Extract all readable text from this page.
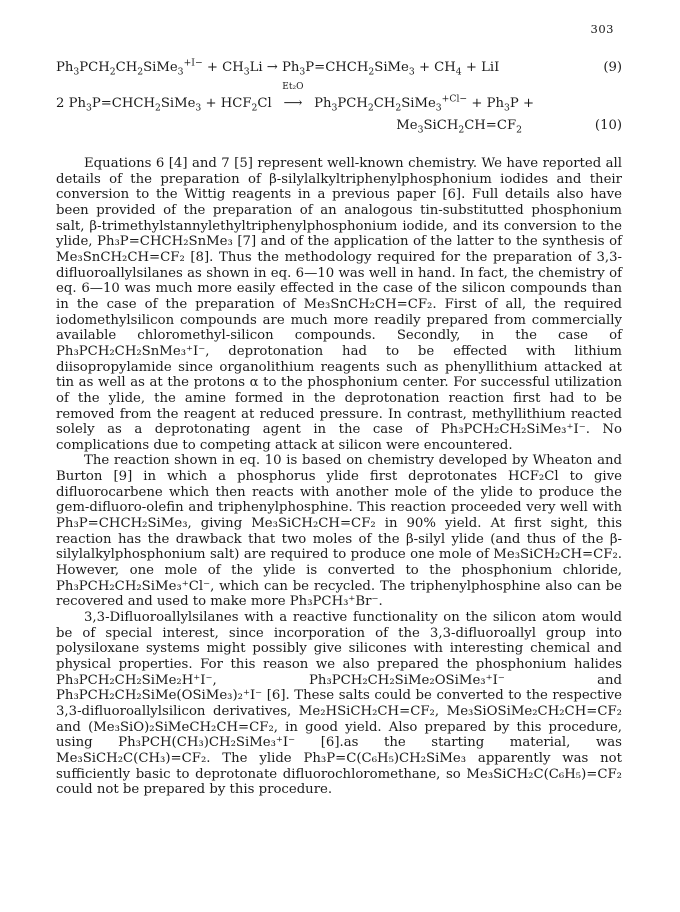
303
$Ph_3PCH_2CH_2SiMe_3^{+I-} + CH_3Li$ → $Ph_3P=CHCH_2SiMe_3 + CH_4$ + LiI	(9)
2 $Ph_3P=CHCH_2SiMe_3 + HCF_2Cl$
Et₂O
⟶ $Ph_3PCH_2CH_2SiMe_3^{+Cl-} + Ph_3P$ +
$Me_3SiCH_2CH=CF_2$	(10)

Equations 6 [4] and 7 [5] represent well-known chemistry. We have reported all details of the preparation of β-silylalkyltriphenylphosphonium iodides and their conversion to the Wittig reagents in a previous paper [6]. Full details also have been provided of the preparation of an analogous tin-substitutted phosphonium salt, β-trimethylstannylethyltriphenylphosphonium iodide, and its conversion to the ylide, Ph₃P=CHCH₂SnMe₃ [7] and of the application of the latter to the synthesis of Me₃SnCH₂CH=CF₂ [8]. Thus the methodology required for the preparation of 3,3-difluoroallylsilanes as shown in eq. 6—10 was well in hand. In fact, the chemistry of eq. 6—10 was much more easily effected in the case of the silicon compounds than in the case of the preparation of Me₃SnCH₂CH=CF₂. First of all, the required iodomethylsilicon compounds are much more readily prepared from commercially available chloromethyl-silicon compounds. Secondly, in the case of Ph₃PCH₂CH₂SnMe₃⁺I⁻, deprotonation had to be effected with lithium diisopropylamide since organolithium reagents such as phenyllithium attacked at tin as well as at the protons α to the phosphonium center. For successful utilization of the ylide, the amine formed in the deprotonation reaction first had to be removed from the reagent at reduced pressure. In contrast, methyllithium reacted solely as a deprotonating agent in the case of Ph₃PCH₂CH₂SiMe₃⁺I⁻. No complications due to competing attack at silicon were encountered.

The reaction shown in eq. 10 is based on chemistry developed by Wheaton and Burton [9] in which a phosphorus ylide first deprotonates HCF₂Cl to give difluorocarbene which then reacts with another mole of the ylide to produce the gem-difluoro-olefin and triphenylphosphine. This reaction proceeded very well with Ph₃P=CHCH₂SiMe₃, giving Me₃SiCH₂CH=CF₂ in 90% yield. At first sight, this reaction has the drawback that two moles of the β-silyl ylide (and thus of the β-silylalkylphosphonium salt) are required to produce one mole of Me₃SiCH₂CH=CF₂. However, one mole of the ylide is converted to the phosphonium chloride, Ph₃PCH₂CH₂SiMe₃⁺Cl⁻, which can be recycled. The triphenylphosphine also can be recovered and used to make more Ph₃PCH₃⁺Br⁻.

3,3-Difluoroallylsilanes with a reactive functionality on the silicon atom would be of special interest, since incorporation of the 3,3-difluoroallyl group into polysiloxane systems might possibly give silicones with interesting chemical and physical properties. For this reason we also prepared the phosphonium halides Ph₃PCH₂CH₂SiMe₂H⁺I⁻, Ph₃PCH₂CH₂SiMe₂OSiMe₃⁺I⁻ and Ph₃PCH₂CH₂SiMe(OSiMe₃)₂⁺I⁻ [6]. These salts could be converted to the respective 3,3-difluoroallylsilicon derivatives, Me₂HSiCH₂CH=CF₂, Me₃SiOSiMe₂CH₂CH=CF₂ and (Me₃SiO)₂SiMeCH₂CH=CF₂, in good yield. Also prepared by this procedure, using Ph₃PCH(CH₃)CH₂SiMe₃⁺I⁻ [6].as the starting material, was Me₃SiCH₂C(CH₃)=CF₂. The ylide Ph₃P=C(C₆H₅)CH₂SiMe₃ apparently was not sufficiently basic to deprotonate difluorochloromethane, so Me₃SiCH₂C(C₆H₅)=CF₂ could not be prepared by this procedure.
